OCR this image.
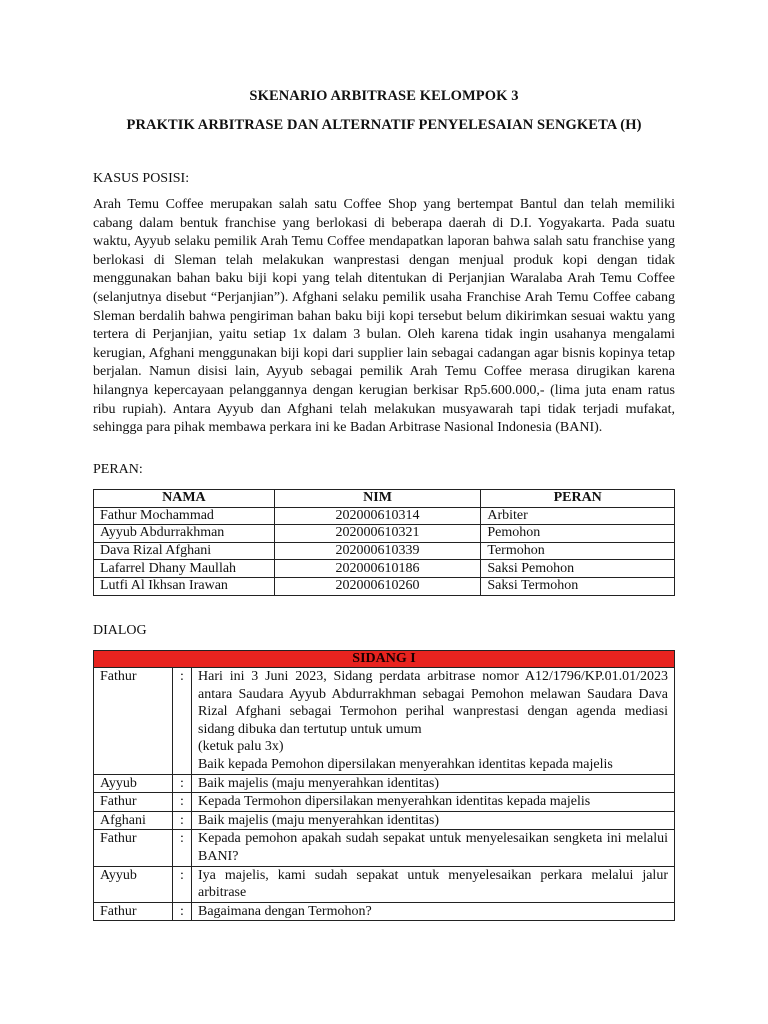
SKENARIO ARBITRASE KELOMPOK 3
PRAKTIK ARBITRASE DAN ALTERNATIF PENYELESAIAN SENGKETA (H)
KASUS POSISI:
Arah Temu Coffee merupakan salah satu Coffee Shop yang bertempat Bantul dan telah memiliki cabang dalam bentuk franchise yang berlokasi di beberapa daerah di D.I. Yogyakarta. Pada suatu waktu, Ayyub selaku pemilik Arah Temu Coffee mendapatkan laporan bahwa salah satu franchise yang berlokasi di Sleman telah melakukan wanprestasi dengan menjual produk kopi dengan tidak menggunakan bahan baku biji kopi yang telah ditentukan di Perjanjian Waralaba Arah Temu Coffee (selanjutnya disebut “Perjanjian”). Afghani selaku pemilik usaha Franchise Arah Temu Coffee cabang Sleman berdalih bahwa pengiriman bahan baku biji kopi tersebut belum dikirimkan sesuai waktu yang tertera di Perjanjian, yaitu setiap 1x dalam 3 bulan. Oleh karena tidak ingin usahanya mengalami kerugian, Afghani menggunakan biji kopi dari supplier lain sebagai cadangan agar bisnis kopinya tetap berjalan. Namun disisi lain, Ayyub sebagai pemilik Arah Temu Coffee merasa dirugikan karena hilangnya kepercayaan pelanggannya dengan kerugian berkisar Rp5.600.000,- (lima juta enam ratus ribu rupiah). Antara Ayyub dan Afghani telah melakukan musyawarah tapi tidak terjadi mufakat, sehingga para pihak membawa perkara ini ke Badan Arbitrase Nasional Indonesia (BANI).
PERAN:
NAMA	NIM	PERAN
Fathur Mochammad	202000610314	Arbiter
Ayyub Abdurrakhman	202000610321	Pemohon
Dava Rizal Afghani	202000610339	Termohon
Lafarrel Dhany Maullah	202000610186	Saksi Pemohon
Lutfi Al Ikhsan Irawan	202000610260	Saksi Termohon
DIALOG
SIDANG I		
Fathur	:	Hari ini 3 Juni 2023, Sidang perdata arbitrase nomor A12/1796/KP.01.01/2023 antara Saudara Ayyub Abdurrakhman sebagai Pemohon melawan Saudara Dava Rizal Afghani sebagai Termohon perihal wanprestasi dengan agenda mediasi sidang dibuka dan tertutup untuk umum
(ketuk palu 3x)
Baik kepada Pemohon dipersilakan menyerahkan identitas kepada majelis

Ayyub	:	Baik majelis (maju menyerahkan identitas)
Fathur	:	Kepada Termohon dipersilakan menyerahkan identitas kepada majelis
Afghani	:	Baik majelis (maju menyerahkan identitas)
Fathur	:	Kepada pemohon apakah sudah sepakat untuk menyelesaikan sengketa ini melalui BANI?
Ayyub	:	Iya majelis, kami sudah sepakat untuk menyelesaikan perkara melalui jalur arbitrase
Fathur	:	Bagaimana dengan Termohon?
